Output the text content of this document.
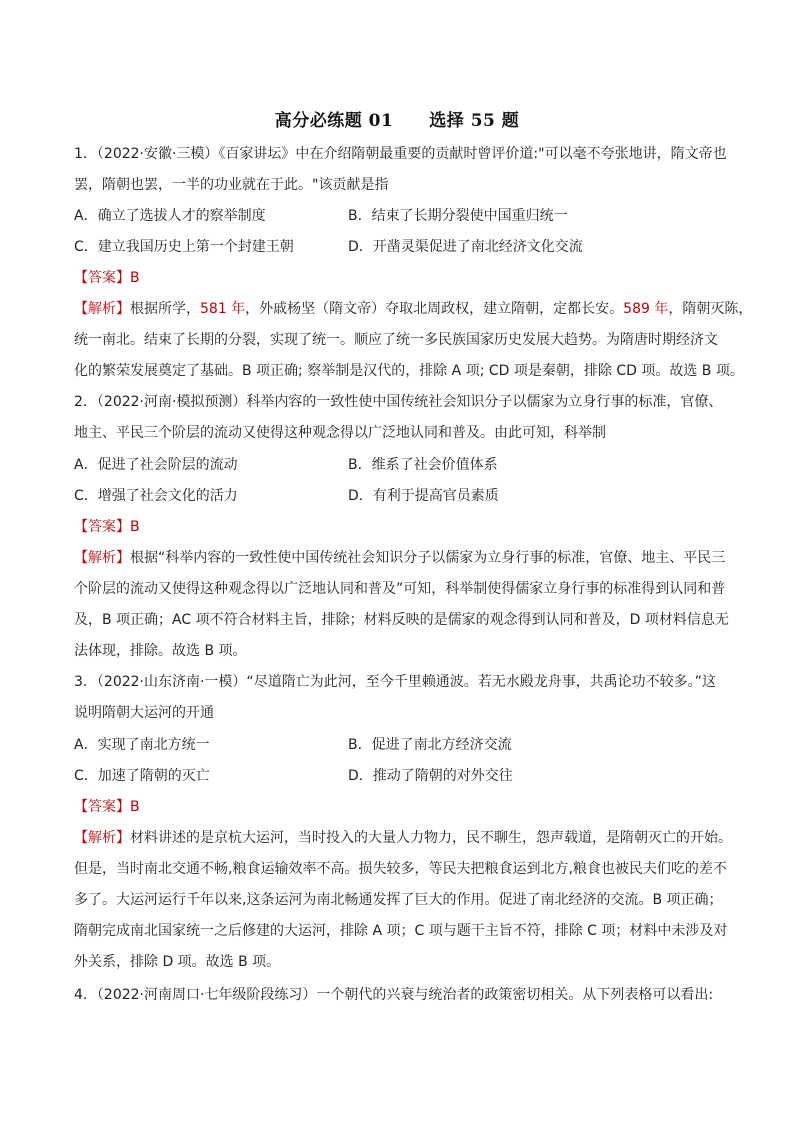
高分必练题 01 选择 55 题
1．（2022·安徽·三模）《百家讲坛》中在介绍隋朝最重要的贡献时曾评价道:"可以毫不夸张地讲，隋文帝也
罢，隋朝也罢，一半的功业就在于此。"该贡献是指
A．确立了选拔人才的察举制度	B．结束了长期分裂使中国重归统一
C．建立我国历史上第一个封建王朝	D．开凿灵渠促进了南北经济文化交流
【答案】B
【解析】根据所学，581 年，外戚杨坚（隋文帝）夺取北周政权，建立隋朝，定都长安。589 年，隋朝灭陈，
统一南北。结束了长期的分裂，实现了统一。顺应了统一多民族国家历史发展大趋势。为隋唐时期经济文
化的繁荣发展奠定了基础。B 项正确; 察举制是汉代的，排除 A 项; CD 项是秦朝，排除 CD 项。故选 B 项。
2．（2022·河南·模拟预测）科举内容的一致性使中国传统社会知识分子以儒家为立身行事的标准，官僚、
地主、平民三个阶层的流动又使得这种观念得以广泛地认同和普及。由此可知，科举制
A．促进了社会阶层的流动	B．维系了社会价值体系
C．增强了社会文化的活力	D．有利于提高官员素质
【答案】B
【解析】根据“科举内容的一致性使中国传统社会知识分子以儒家为立身行事的标准，官僚、地主、平民三
个阶层的流动又使得这种观念得以广泛地认同和普及”可知，科举制使得儒家立身行事的标准得到认同和普
及，B 项正确；AC 项不符合材料主旨，排除；材料反映的是儒家的观念得到认同和普及，D 项材料信息无
法体现，排除。故选 B 项。
3．（2022·山东济南·一模）“尽道隋亡为此河，至今千里赖通波。若无水殿龙舟事，共禹论功不较多。”这
说明隋朝大运河的开通
A．实现了南北方统一	B．促进了南北方经济交流
C．加速了隋朝的灭亡	D．推动了隋朝的对外交往
【答案】B
【解析】材料讲述的是京杭大运河，当时投入的大量人力物力，民不聊生，怨声载道，是隋朝灭亡的开始。
但是，当时南北交通不畅,粮食运输效率不高。损失较多，等民夫把粮食运到北方,粮食也被民夫们吃的差不
多了。大运河运行千年以来,这条运河为南北畅通发挥了巨大的作用。促进了南北经济的交流。B 项正确；
隋朝完成南北国家统一之后修建的大运河，排除 A 项；C 项与题干主旨不符，排除 C 项；材料中未涉及对
外关系，排除 D 项。故选 B 项。
4．（2022·河南周口·七年级阶段练习）一个朝代的兴衰与统治者的政策密切相关。从下列表格可以看出:
